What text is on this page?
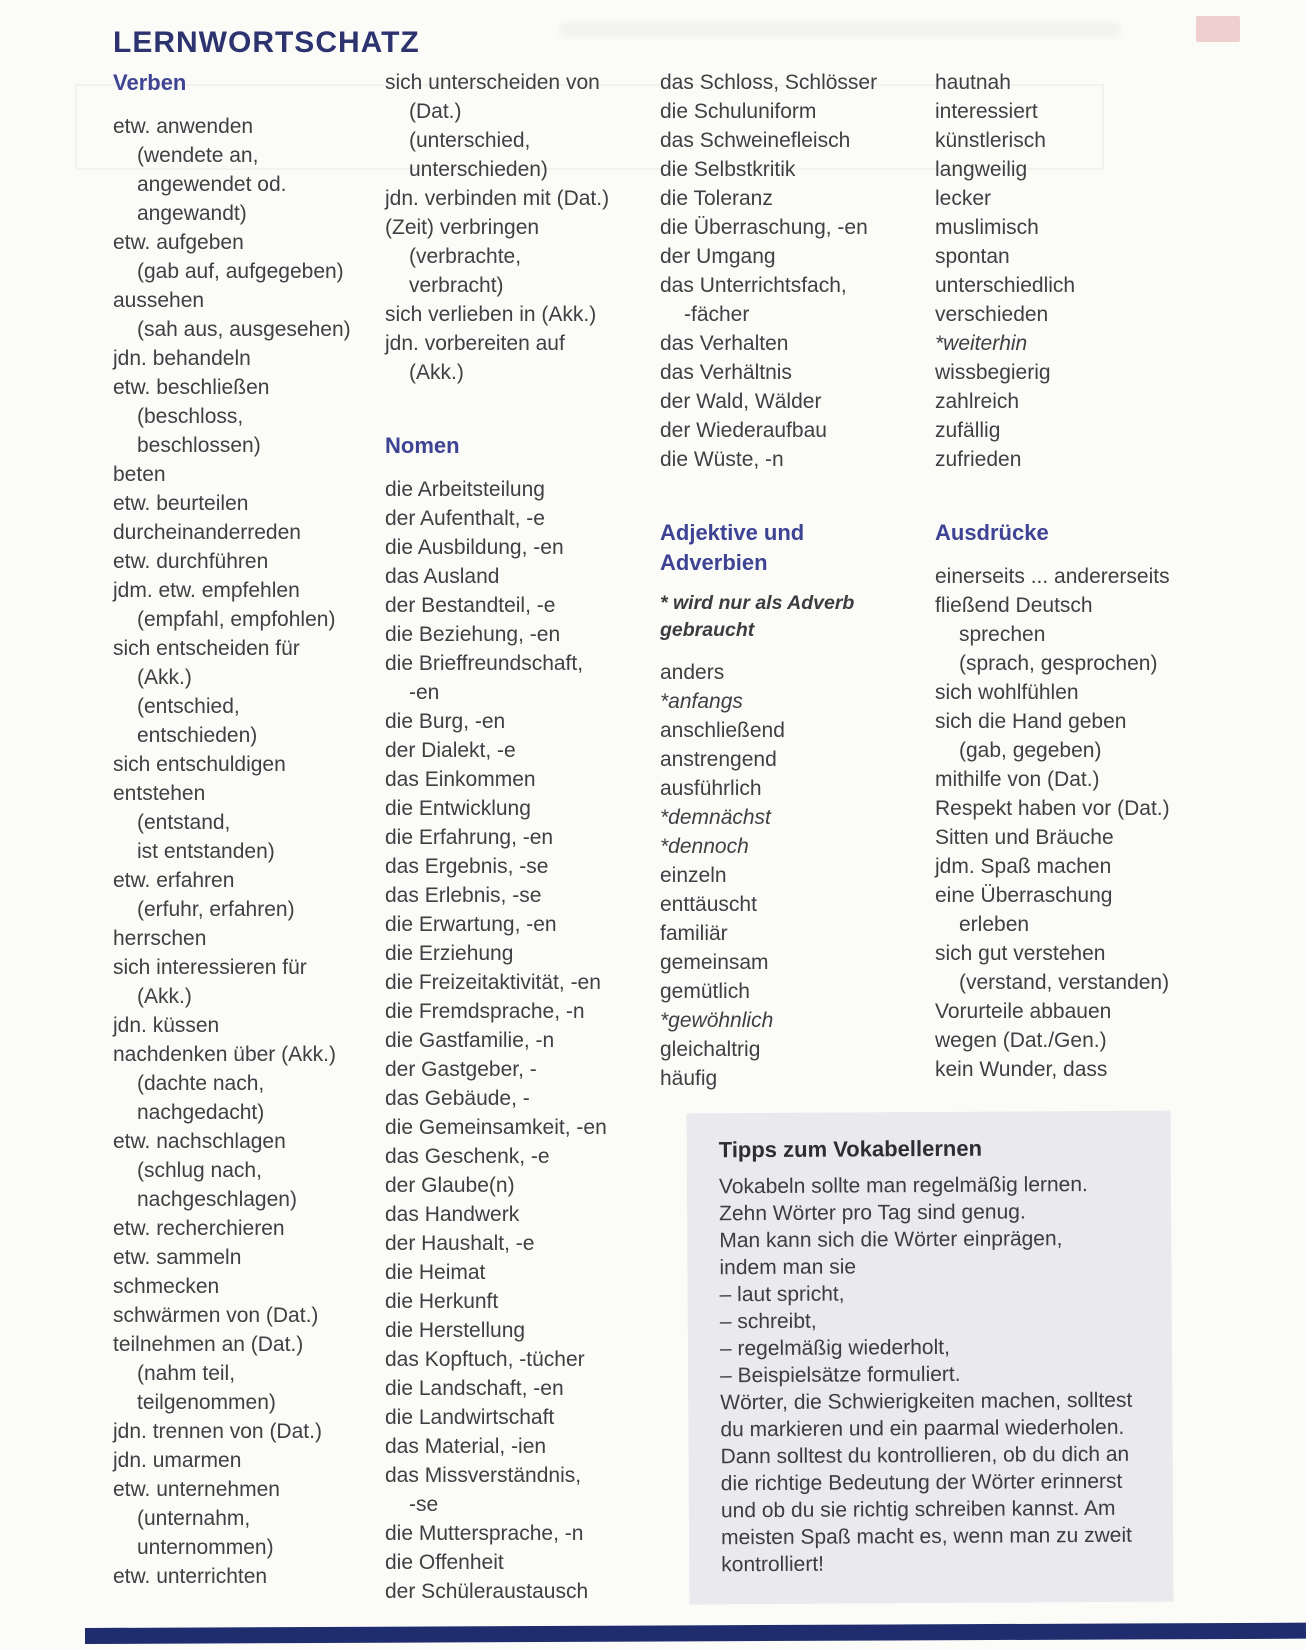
LERNWORTSCHATZ
Verben
etw. anwenden
(wendete an,
angewendet od.
angewandt)
etw. aufgeben
(gab auf, aufgegeben)
aussehen
(sah aus, ausgesehen)
jdn. behandeln
etw. beschließen
(beschloss,
beschlossen)
beten
etw. beurteilen
durcheinanderreden
etw. durchführen
jdm. etw. empfehlen
(empfahl, empfohlen)
sich entscheiden für
(Akk.)
(entschied,
entschieden)
sich entschuldigen
entstehen
(entstand,
ist entstanden)
etw. erfahren
(erfuhr, erfahren)
herrschen
sich interessieren für
(Akk.)
jdn. küssen
nachdenken über (Akk.)
(dachte nach,
nachgedacht)
etw. nachschlagen
(schlug nach,
nachgeschlagen)
etw. recherchieren
etw. sammeln
schmecken
schwärmen von (Dat.)
teilnehmen an (Dat.)
(nahm teil,
teilgenommen)
jdn. trennen von (Dat.)
jdn. umarmen
etw. unternehmen
(unternahm,
unternommen)
etw. unterrichten
sich unterscheiden von
(Dat.)
(unterschied,
unterschieden)
jdn. verbinden mit (Dat.)
(Zeit) verbringen
(verbrachte,
verbracht)
sich verlieben in (Akk.)
jdn. vorbereiten auf
(Akk.)
Nomen
die Arbeitsteilung
der Aufenthalt, -e
die Ausbildung, -en
das Ausland
der Bestandteil, -e
die Beziehung, -en
die Brieffreundschaft,
-en
die Burg, -en
der Dialekt, -e
das Einkommen
die Entwicklung
die Erfahrung, -en
das Ergebnis, -se
das Erlebnis, -se
die Erwartung, -en
die Erziehung
die Freizeitaktivität, -en
die Fremdsprache, -n
die Gastfamilie, -n
der Gastgeber, -
das Gebäude, -
die Gemeinsamkeit, -en
das Geschenk, -e
der Glaube(n)
das Handwerk
der Haushalt, -e
die Heimat
die Herkunft
die Herstellung
das Kopftuch, -tücher
die Landschaft, -en
die Landwirtschaft
das Material, -ien
das Missverständnis,
-se
die Muttersprache, -n
die Offenheit
der Schüleraustausch
das Schloss, Schlösser
die Schuluniform
das Schweinefleisch
die Selbstkritik
die Toleranz
die Überraschung, -en
der Umgang
das Unterrichtsfach,
-fächer
das Verhalten
das Verhältnis
der Wald, Wälder
der Wiederaufbau
die Wüste, -n
Adjektive und Adverbien
* wird nur als Adverb gebraucht
anders
*anfangs
anschließend
anstrengend
ausführlich
*demnächst
*dennoch
einzeln
enttäuscht
familiär
gemeinsam
gemütlich
*gewöhnlich
gleichaltrig
häufig
hautnah
interessiert
künstlerisch
langweilig
lecker
muslimisch
spontan
unterschiedlich
verschieden
*weiterhin
wissbegierig
zahlreich
zufällig
zufrieden
Ausdrücke
einerseits ... andererseits
fließend Deutsch
sprechen
(sprach, gesprochen)
sich wohlfühlen
sich die Hand geben
(gab, gegeben)
mithilfe von (Dat.)
Respekt haben vor (Dat.)
Sitten und Bräuche
jdm. Spaß machen
eine Überraschung
erleben
sich gut verstehen
(verstand, verstanden)
Vorurteile abbauen
wegen (Dat./Gen.)
kein Wunder, dass
Tipps zum Vokabellernen
Vokabeln sollte man regelmäßig lernen.
Zehn Wörter pro Tag sind genug.
Man kann sich die Wörter einprägen,
indem man sie
– laut spricht,
– schreibt,
– regelmäßig wiederholt,
– Beispielsätze formuliert.
Wörter, die Schwierigkeiten machen, solltest
du markieren und ein paarmal wiederholen.
Dann solltest du kontrollieren, ob du dich an
die richtige Bedeutung der Wörter erinnerst
und ob du sie richtig schreiben kannst. Am
meisten Spaß macht es, wenn man zu zweit
kontrolliert!
